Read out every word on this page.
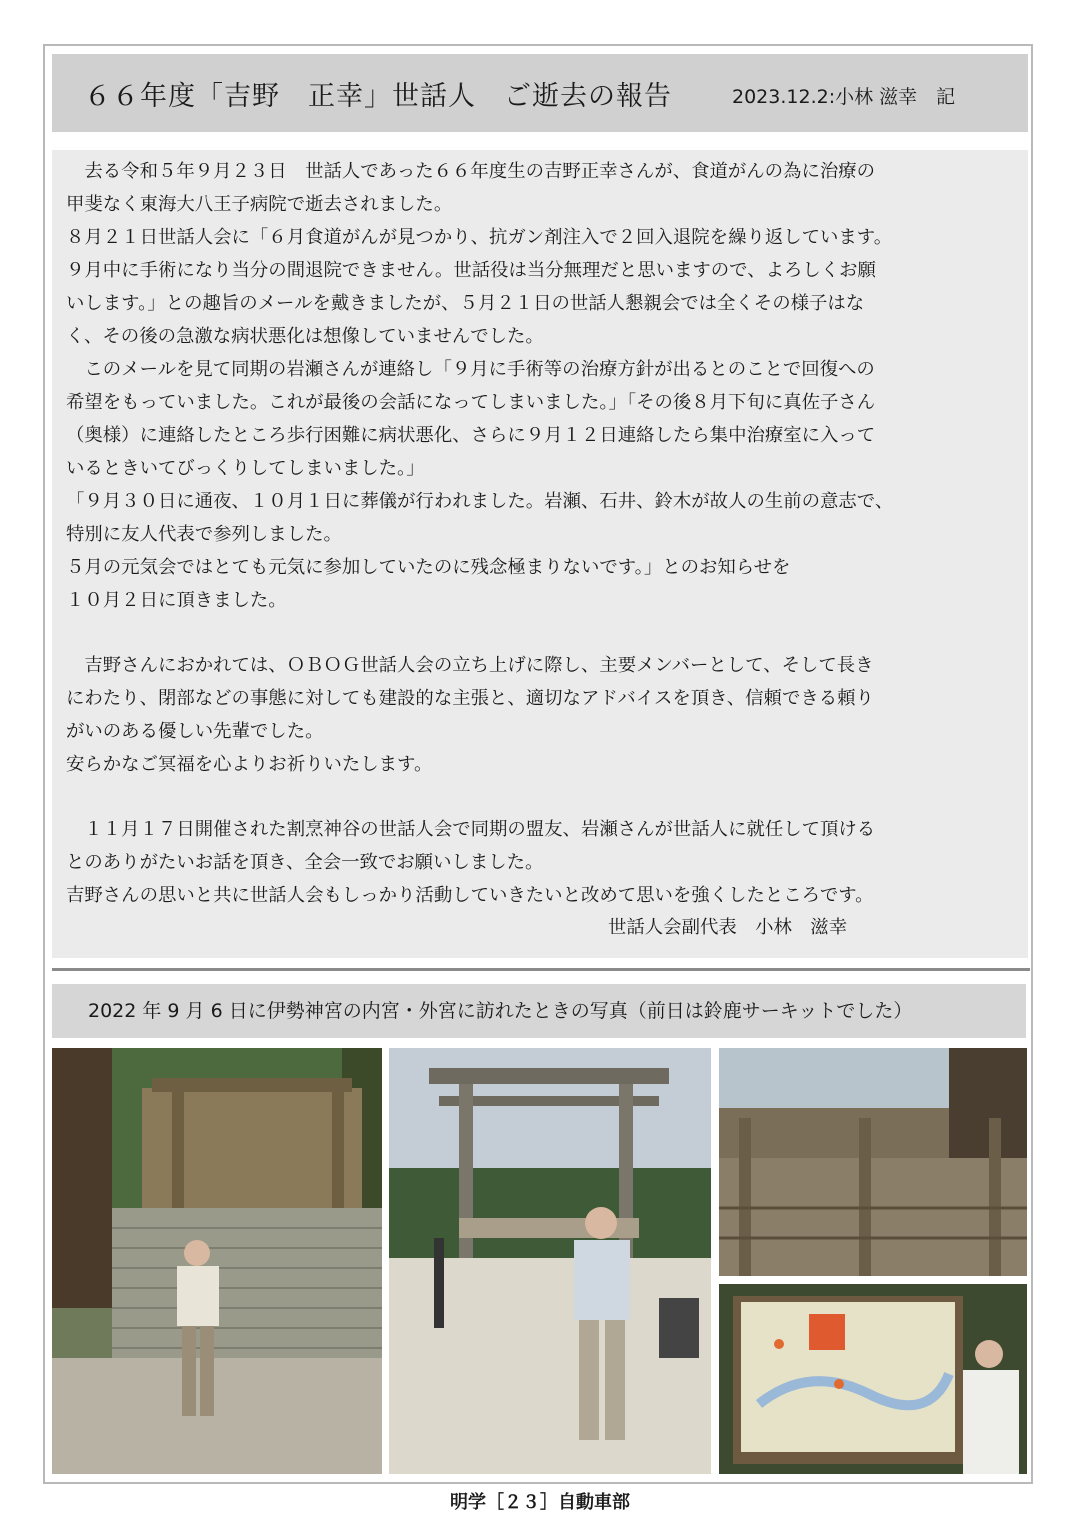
６６年度「吉野　正幸」世話人　ご逝去の報告	2023.12.2:小林 滋幸　記
　去る令和５年９月２３日　世話人であった６６年度生の吉野正幸さんが、食道がんの為に治療の
甲斐なく東海大八王子病院で逝去されました。
８月２１日世話人会に「６月食道がんが見つかり、抗ガン剤注入で２回入退院を繰り返しています。
９月中に手術になり当分の間退院できません。世話役は当分無理だと思いますので、よろしくお願
いします。」との趣旨のメールを戴きましたが、５月２１日の世話人懇親会では全くその様子はな
く、その後の急激な病状悪化は想像していませんでした。
　このメールを見て同期の岩瀬さんが連絡し「９月に手術等の治療方針が出るとのことで回復への
希望をもっていました。これが最後の会話になってしまいました。」「その後８月下旬に真佐子さん
（奥様）に連絡したところ歩行困難に病状悪化、さらに９月１２日連絡したら集中治療室に入って
いるときいてびっくりしてしまいました。」
「９月３０日に通夜、１０月１日に葬儀が行われました。岩瀬、石井、鈴木が故人の生前の意志で、
特別に友人代表で参列しました。
５月の元気会ではとても元気に参加していたのに残念極まりないです。」とのお知らせを
１０月２日に頂きました。
　吉野さんにおかれては、ＯＢＯＧ世話人会の立ち上げに際し、主要メンバーとして、そして長き
にわたり、閉部などの事態に対しても建設的な主張と、適切なアドバイスを頂き、信頼できる頼り
がいのある優しい先輩でした。
安らかなご冥福を心よりお祈りいたします。
　１１月１７日開催された割烹神谷の世話人会で同期の盟友、岩瀬さんが世話人に就任して頂ける
とのありがたいお話を頂き、全会一致でお願いしました。
吉野さんの思いと共に世話人会もしっかり活動していきたいと改めて思いを強くしたところです。
世話人会副代表　小林　滋幸
2022 年 9 月 6 日に伊勢神宮の内宮・外宮に訪れたときの写真（前日は鈴鹿サーキットでした）
明学［２３］自動車部
